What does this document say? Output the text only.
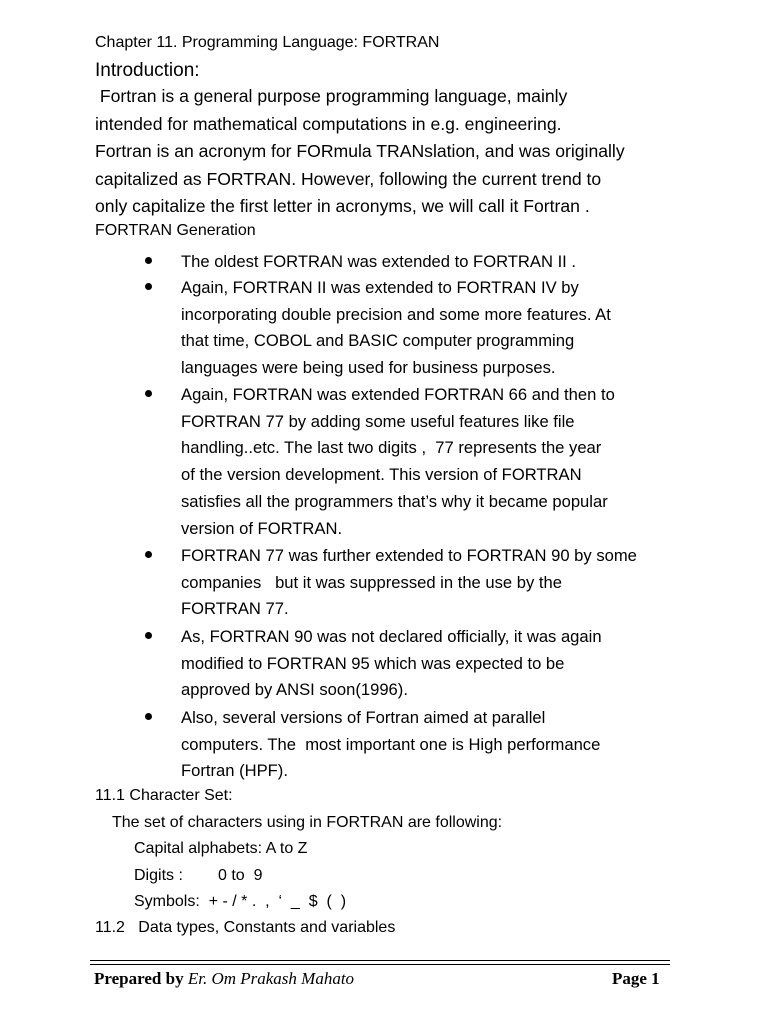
Chapter 11. Programming Language: FORTRAN
Introduction:
Fortran is a general purpose programming language, mainly
intended for mathematical computations in e.g. engineering.
Fortran is an acronym for FORmula TRANslation, and was originally
capitalized as FORTRAN. However, following the current trend to
only capitalize the first letter in acronyms, we will call it Fortran .
FORTRAN Generation
The oldest FORTRAN was extended to FORTRAN II .
Again, FORTRAN II was extended to FORTRAN IV by
incorporating double precision and some more features. At
that time, COBOL and BASIC computer programming
languages were being used for business purposes.
Again, FORTRAN was extended FORTRAN 66 and then to
FORTRAN 77 by adding some useful features like file
handling..etc. The last two digits ,  77 represents the year
of the version development. This version of FORTRAN
satisfies all the programmers that’s why it became popular
version of FORTRAN.
FORTRAN 77 was further extended to FORTRAN 90 by some
companies   but it was suppressed in the use by the
FORTRAN 77.
As, FORTRAN 90 was not declared officially, it was again
modified to FORTRAN 95 which was expected to be
approved by ANSI soon(1996).
Also, several versions of Fortran aimed at parallel
computers. The  most important one is High performance
Fortran (HPF).
11.1 Character Set:
The set of characters using in FORTRAN are following:
Capital alphabets: A to Z
Digits : 0 to  9
Symbols:  + - / * .  ,  ‘  _  $  (  )
11.2   Data types, Constants and variables
Prepared by Er. Om Prakash Mahato	Page 1
